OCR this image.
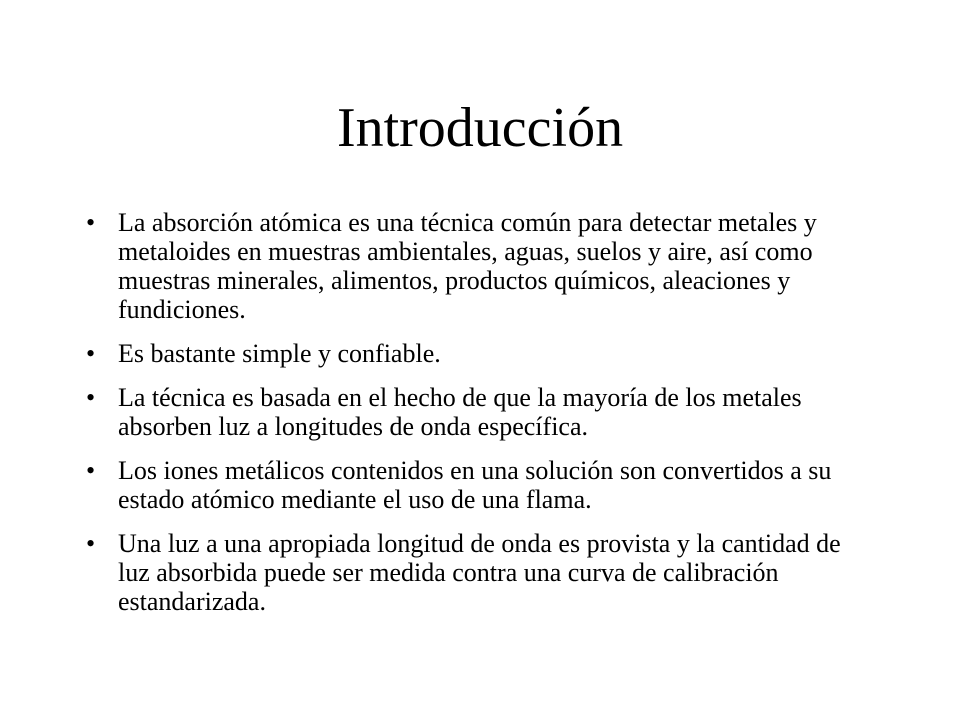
Introducción
• La absorción atómica es una técnica común para detectar metales y metaloides en muestras ambientales, aguas, suelos y aire, así como muestras minerales, alimentos, productos químicos, aleaciones y fundiciones.
• Es bastante simple y confiable.
• La técnica es basada en el hecho de que la mayoría de los metales absorben luz a longitudes de onda específica.
• Los iones metálicos contenidos en una solución son convertidos a su estado atómico mediante el uso de una flama.
• Una luz a una apropiada longitud de onda es provista y la cantidad de luz absorbida puede ser medida contra una curva de calibración estandarizada.
